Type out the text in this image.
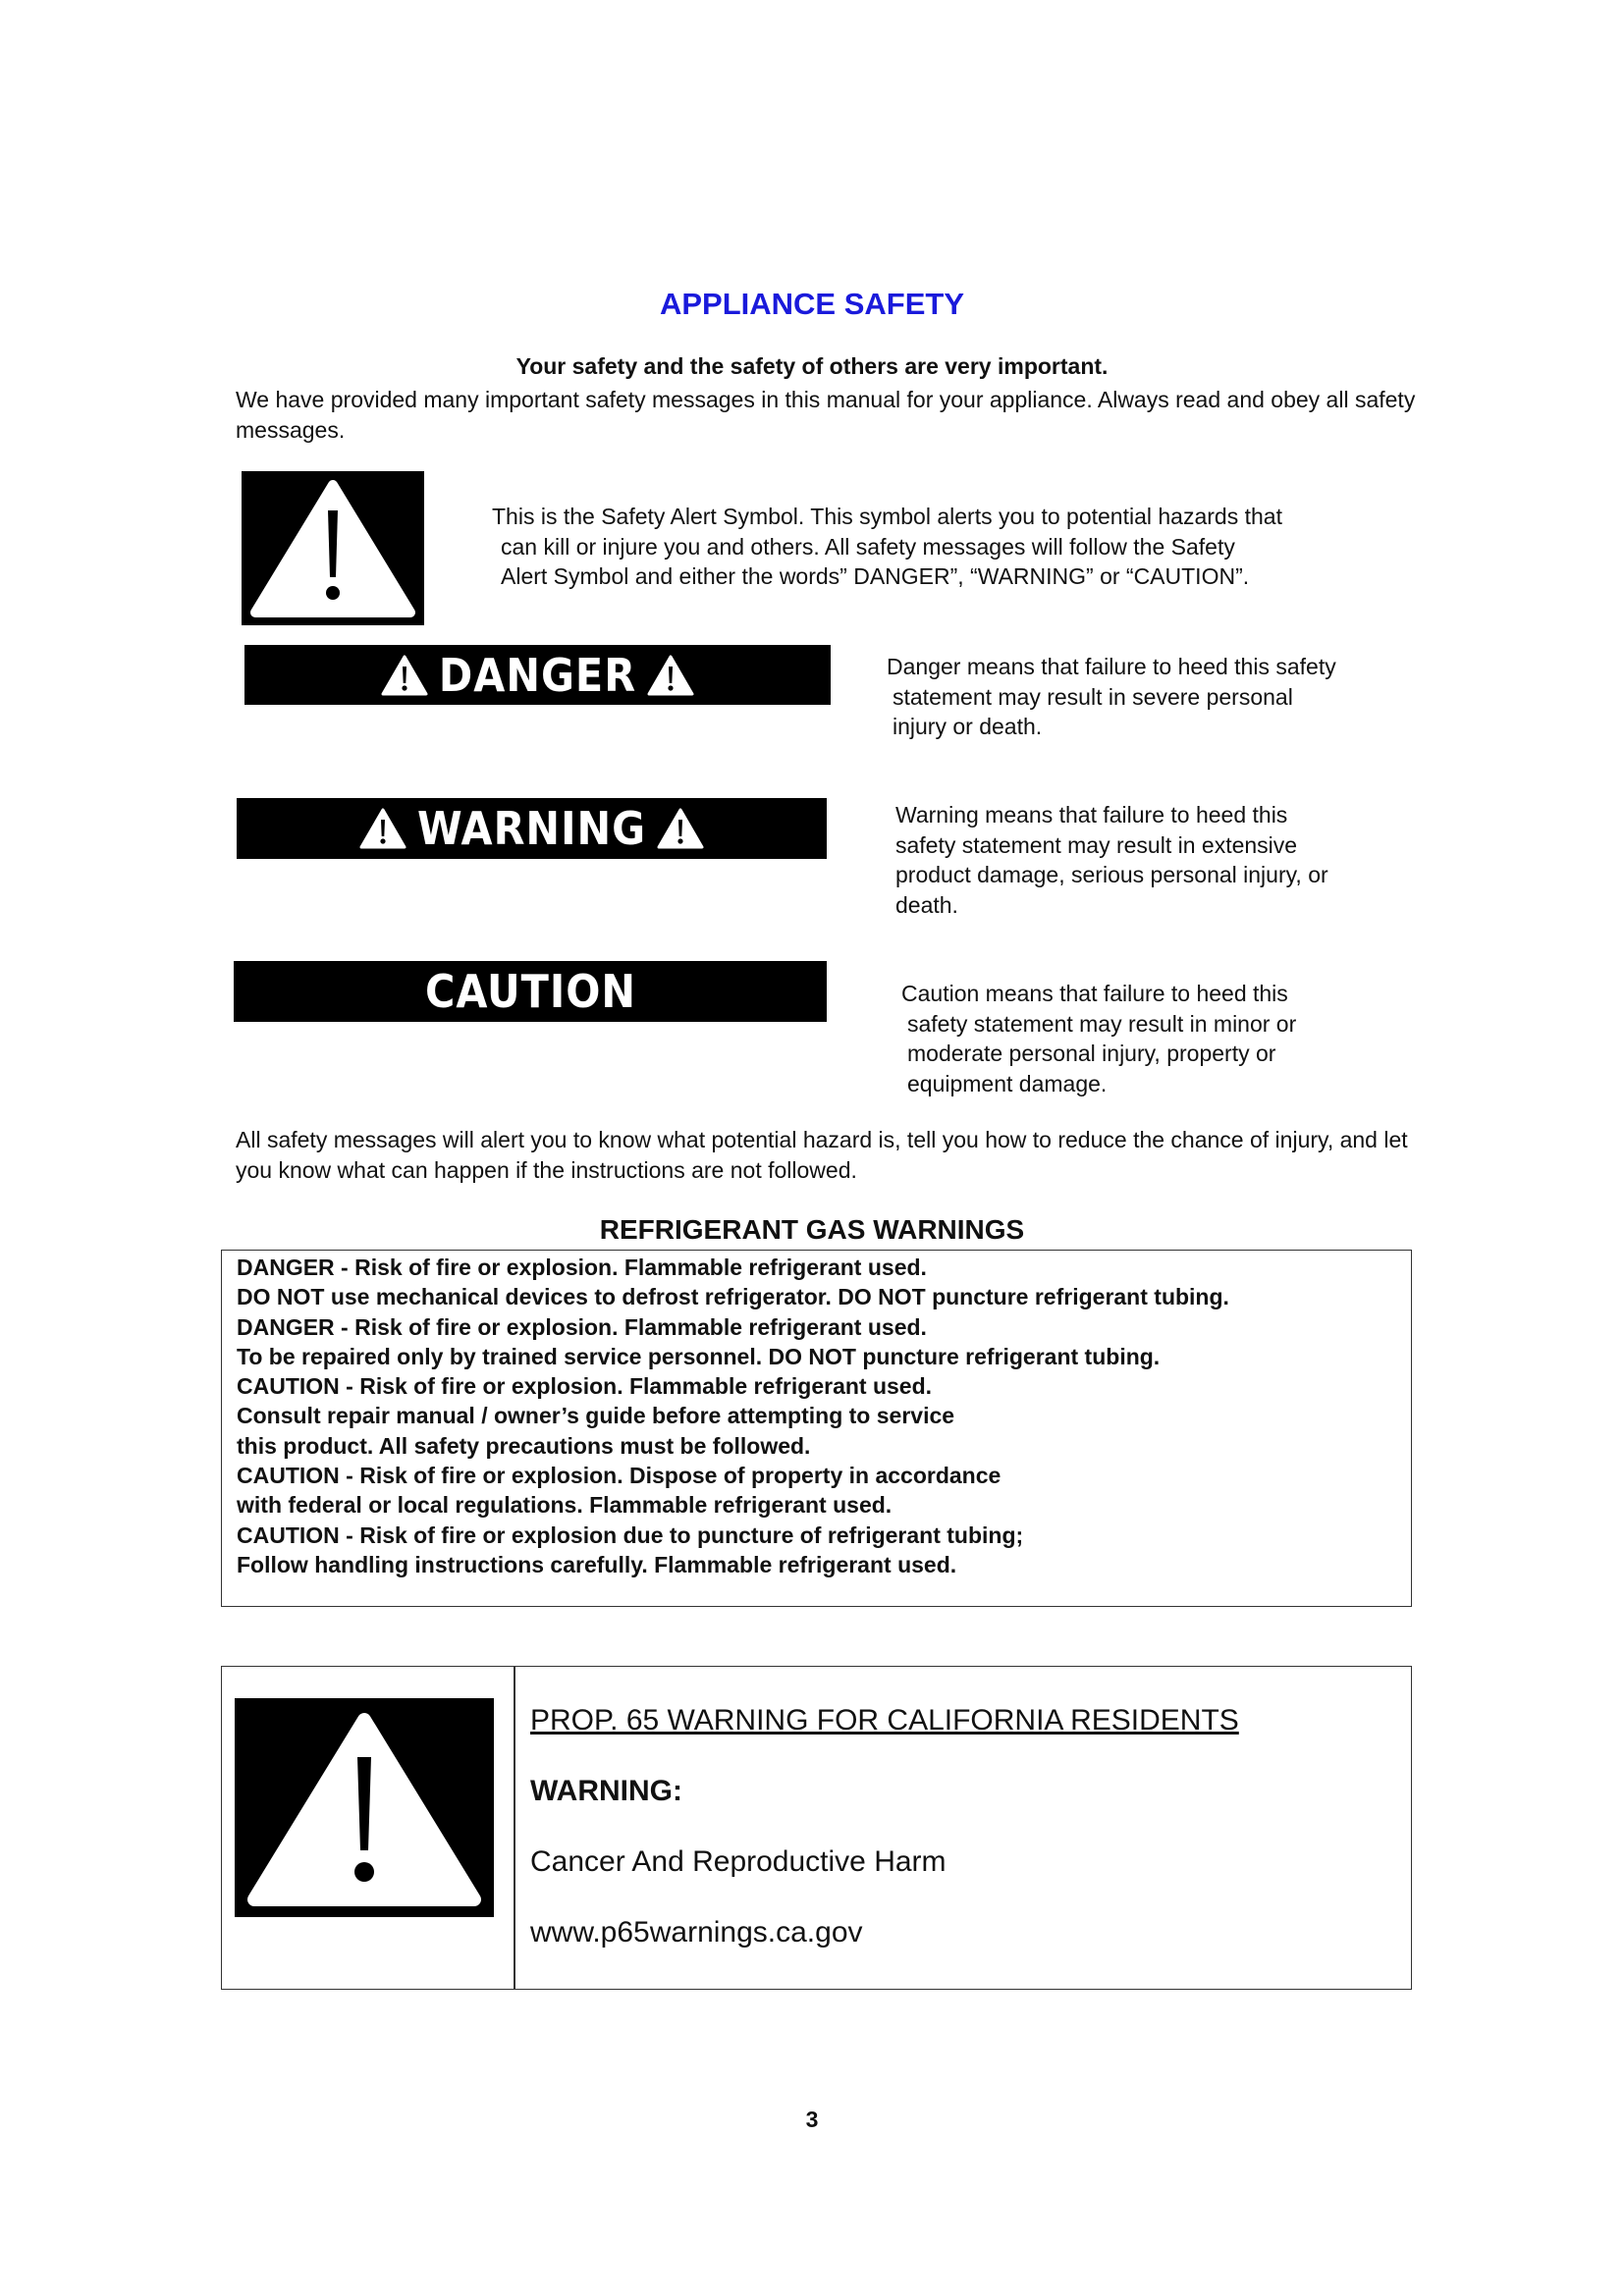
APPLIANCE SAFETY
Your safety and the safety of others are very important.
We have provided many important safety messages in this manual for your appliance. Always read and obey all safety messages.
This is the Safety Alert Symbol. This symbol alerts you to potential hazards that
can kill or injure you and others. All safety messages will follow the Safety
Alert Symbol and either the words” DANGER”, “WARNING” or “CAUTION”.
DANGER	Danger means that failure to heed this safety
statement may result in severe personal
injury or death.
WARNING	Warning means that failure to heed this
safety statement may result in extensive
product damage, serious personal injury, or
death.
CAUTION	Caution means that failure to heed this
safety statement may result in minor or
moderate personal injury, property or
equipment damage.
All safety messages will alert you to know what potential hazard is, tell you how to reduce the chance of injury, and let you know what can happen if the instructions are not followed.
REFRIGERANT GAS WARNINGS
DANGER - Risk of fire or explosion. Flammable refrigerant used.
DO NOT use mechanical devices to defrost refrigerator. DO NOT puncture refrigerant tubing.
DANGER - Risk of fire or explosion. Flammable refrigerant used.
To be repaired only by trained service personnel. DO NOT puncture refrigerant tubing.
CAUTION - Risk of fire or explosion. Flammable refrigerant used.
Consult repair manual / owner’s guide before attempting to service
this product. All safety precautions must be followed.
CAUTION - Risk of fire or explosion. Dispose of property in accordance
with federal or local regulations. Flammable refrigerant used.
CAUTION - Risk of fire or explosion due to puncture of refrigerant tubing;
Follow handling instructions carefully. Flammable refrigerant used.
PROP. 65 WARNING FOR CALIFORNIA RESIDENTS
WARNING:
Cancer And Reproductive Harm
www.p65warnings.ca.gov
3
